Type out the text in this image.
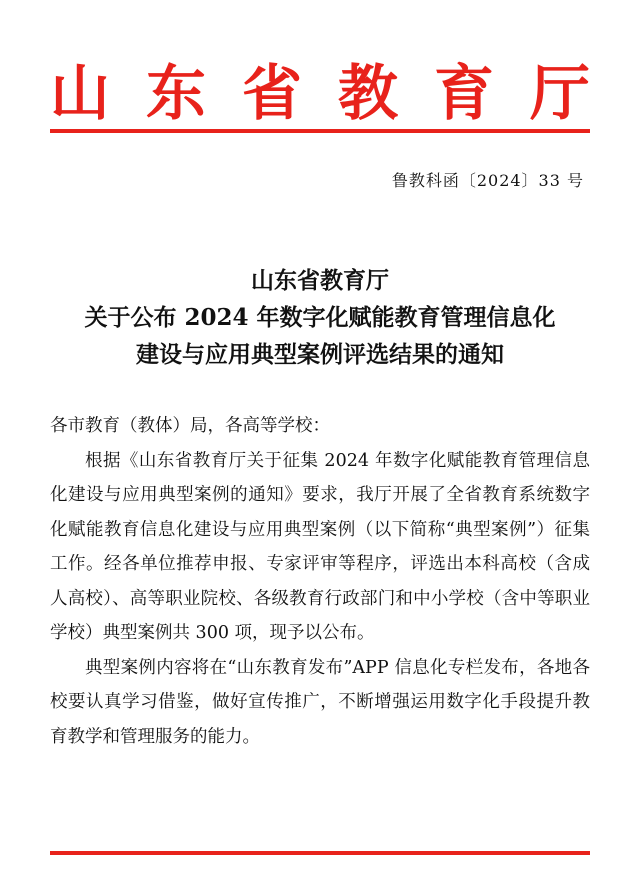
山 东 省 教 育 厅
鲁教科函〔2024〕33 号
山东省教育厅
关于公布 2024 年数字化赋能教育管理信息化
建设与应用典型案例评选结果的通知

各市教育（教体）局，各高等学校：

根据《山东省教育厅关于征集 2024 年数字化赋能教育管理信息化建设与应用典型案例的通知》要求，我厅开展了全省教育系统数字化赋能教育信息化建设与应用典型案例（以下简称“典型案例”）征集工作。经各单位推荐申报、专家评审等程序，评选出本科高校（含成人高校）、高等职业院校、各级教育行政部门和中小学校（含中等职业学校）典型案例共 300 项，现予以公布。

典型案例内容将在“山东教育发布”APP 信息化专栏发布，各地各校要认真学习借鉴，做好宣传推广，不断增强运用数字化手段提升教育教学和管理服务的能力。
